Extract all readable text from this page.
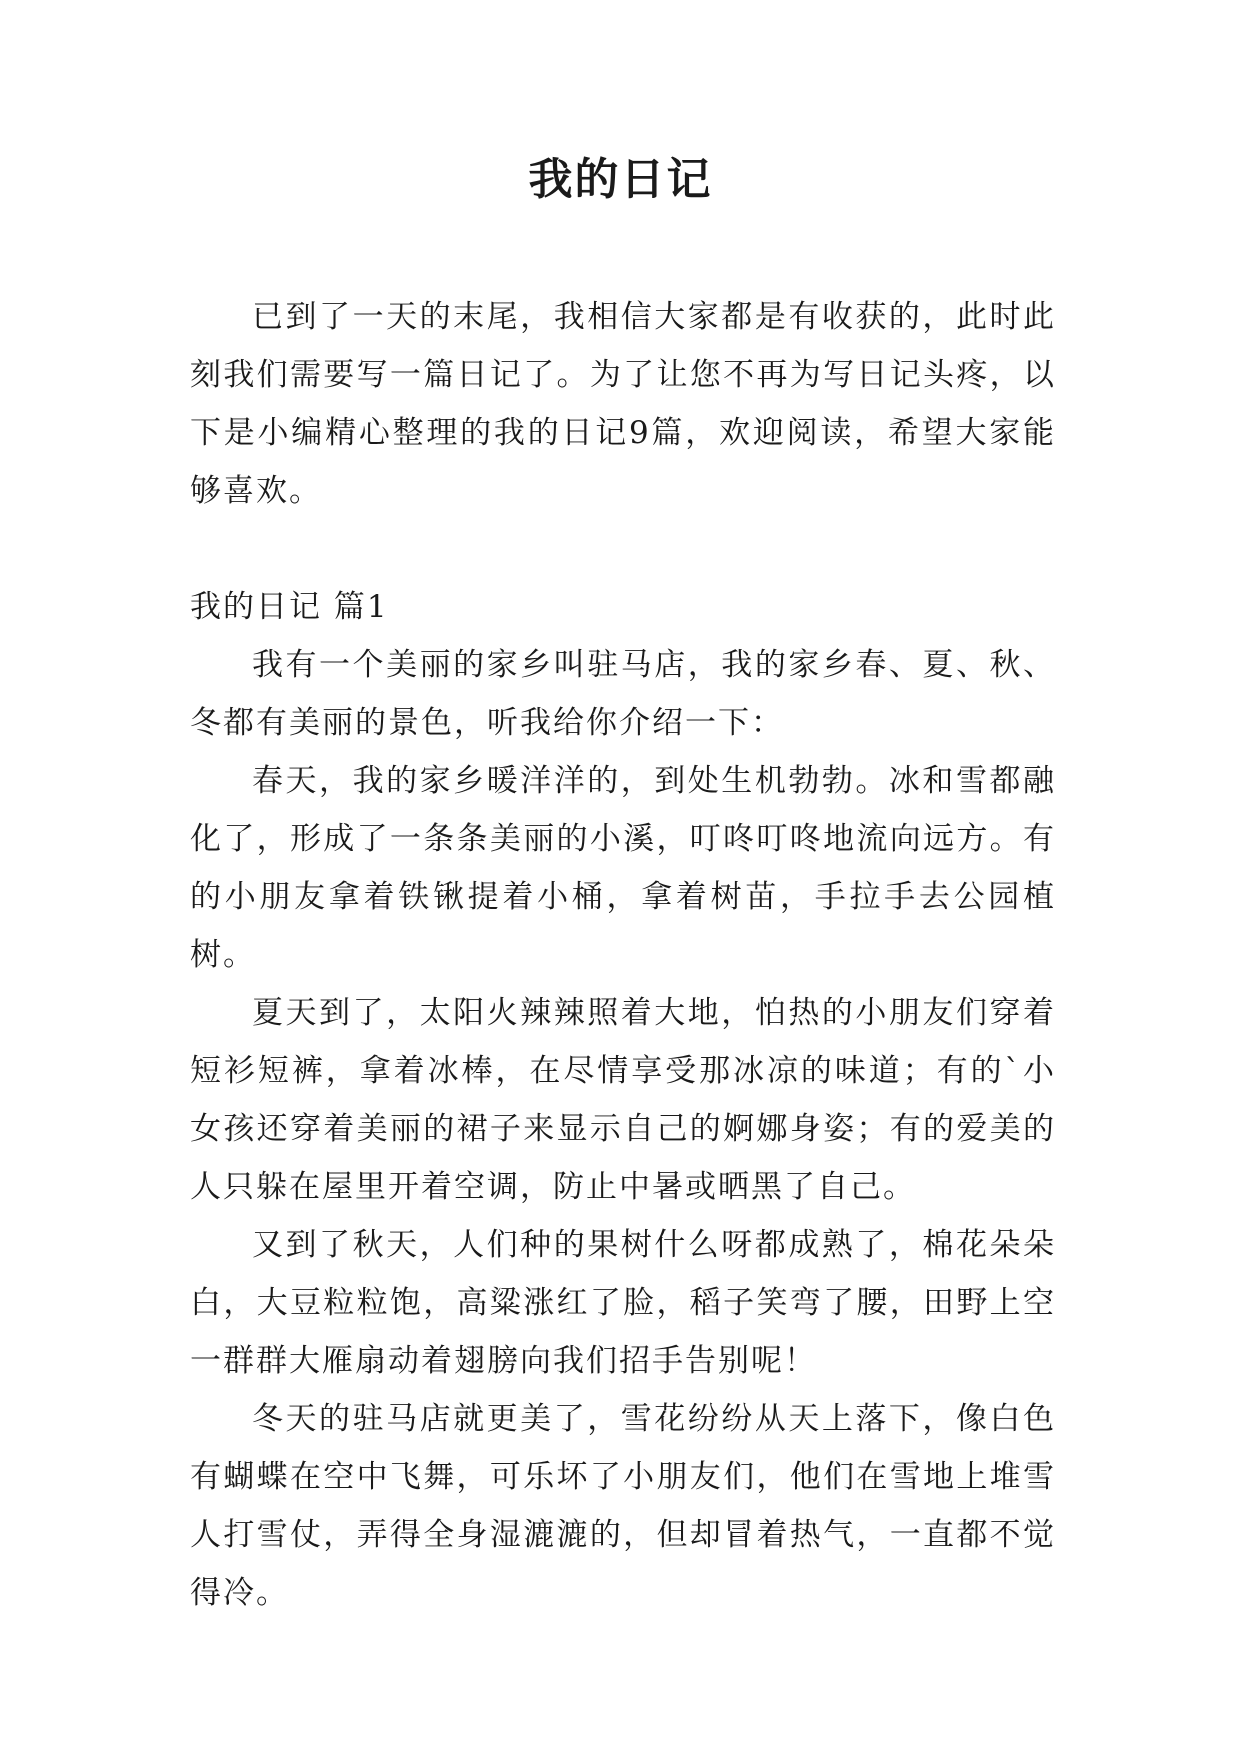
我的日记

已到了一天的末尾，我相信大家都是有收获的，此时此刻我们需要写一篇日记了。为了让您不再为写日记头疼，以下是小编精心整理的我的日记9篇，欢迎阅读，希望大家能够喜欢。

我的日记 篇1

我有一个美丽的家乡叫驻马店，我的家乡春、夏、秋、冬都有美丽的景色，听我给你介绍一下：

春天，我的家乡暖洋洋的，到处生机勃勃。冰和雪都融化了，形成了一条条美丽的小溪，叮咚叮咚地流向远方。有的小朋友拿着铁锹提着小桶，拿着树苗，手拉手去公园植树。

夏天到了，太阳火辣辣照着大地，怕热的小朋友们穿着短衫短裤，拿着冰棒，在尽情享受那冰凉的味道；有的`小女孩还穿着美丽的裙子来显示自己的婀娜身姿；有的爱美的人只躲在屋里开着空调，防止中暑或晒黑了自己。

又到了秋天，人们种的果树什么呀都成熟了，棉花朵朵白，大豆粒粒饱，高粱涨红了脸，稻子笑弯了腰，田野上空一群群大雁扇动着翅膀向我们招手告别呢！

冬天的驻马店就更美了，雪花纷纷从天上落下，像白色有蝴蝶在空中飞舞，可乐坏了小朋友们，他们在雪地上堆雪人打雪仗，弄得全身湿漉漉的，但却冒着热气，一直都不觉得冷。
